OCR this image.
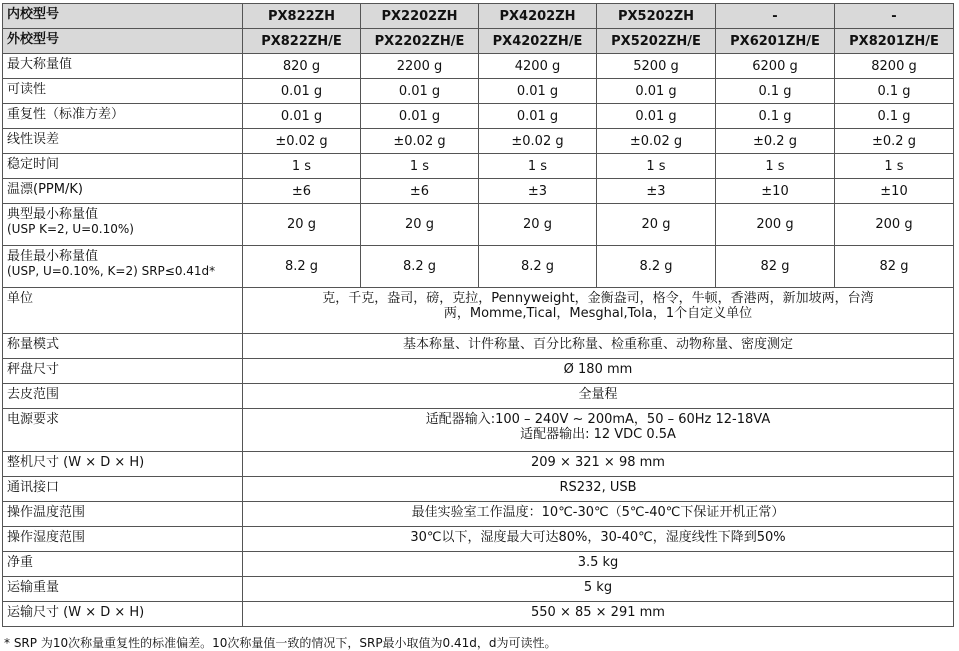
内校型号	PX822ZH	PX2202ZH	PX4202ZH	PX5202ZH	-	-
外校型号	PX822ZH/E	PX2202ZH/E	PX4202ZH/E	PX5202ZH/E	PX6201ZH/E	PX8201ZH/E
最大称量值	820 g	2200 g	4200 g	5200 g	6200 g	8200 g
可读性	0.01 g	0.01 g	0.01 g	0.01 g	0.1 g	0.1 g
重复性（标准方差）	0.01 g	0.01 g	0.01 g	0.01 g	0.1 g	0.1 g
线性误差	±0.02 g	±0.02 g	±0.02 g	±0.02 g	±0.2 g	±0.2 g
稳定时间	1 s	1 s	1 s	1 s	1 s	1 s
温漂(PPM/K)	±6	±6	±3	±3	±10	±10

典型最小称量值
(USP K=2, U=0.10%)	20 g	20 g	20 g	20 g	200 g	200 g

最佳最小称量值
(USP, U=0.10%, K=2) SRP≤0.41d*	8.2 g	8.2 g	8.2 g	8.2 g	82 g	82 g
单位	克，千克，盎司，磅，克拉，Pennyweight，金衡盎司，格令，牛顿，香港两，新加坡两，台湾
两，Momme,Tical，Mesghal,Tola，1个自定义单位					

称量模式	基本称量、计件称量、百分比称量、检重称重、动物称量、密度测定					
秤盘尺寸	Ø 180 mm					
去皮范围	全量程					
电源要求	适配器输入:100 – 240V ~ 200mA，50 – 60Hz 12-18VA
适配器输出: 12 VDC 0.5A					

整机尺寸 (W × D × H)	209 × 321 × 98 mm					
通讯接口	RS232, USB					
操作温度范围	最佳实验室工作温度：10℃-30℃（5℃-40℃下保证开机正常）					
操作湿度范围	30℃以下，湿度最大可达80%，30-40℃，湿度线性下降到50%					
净重	3.5 kg					
运输重量	5 kg					
运输尺寸 (W × D × H)	550 × 85 × 291 mm					
* SRP 为10次称量重复性的标准偏差。10次称量值一致的情况下，SRP最小取值为0.41d，d为可读性。
